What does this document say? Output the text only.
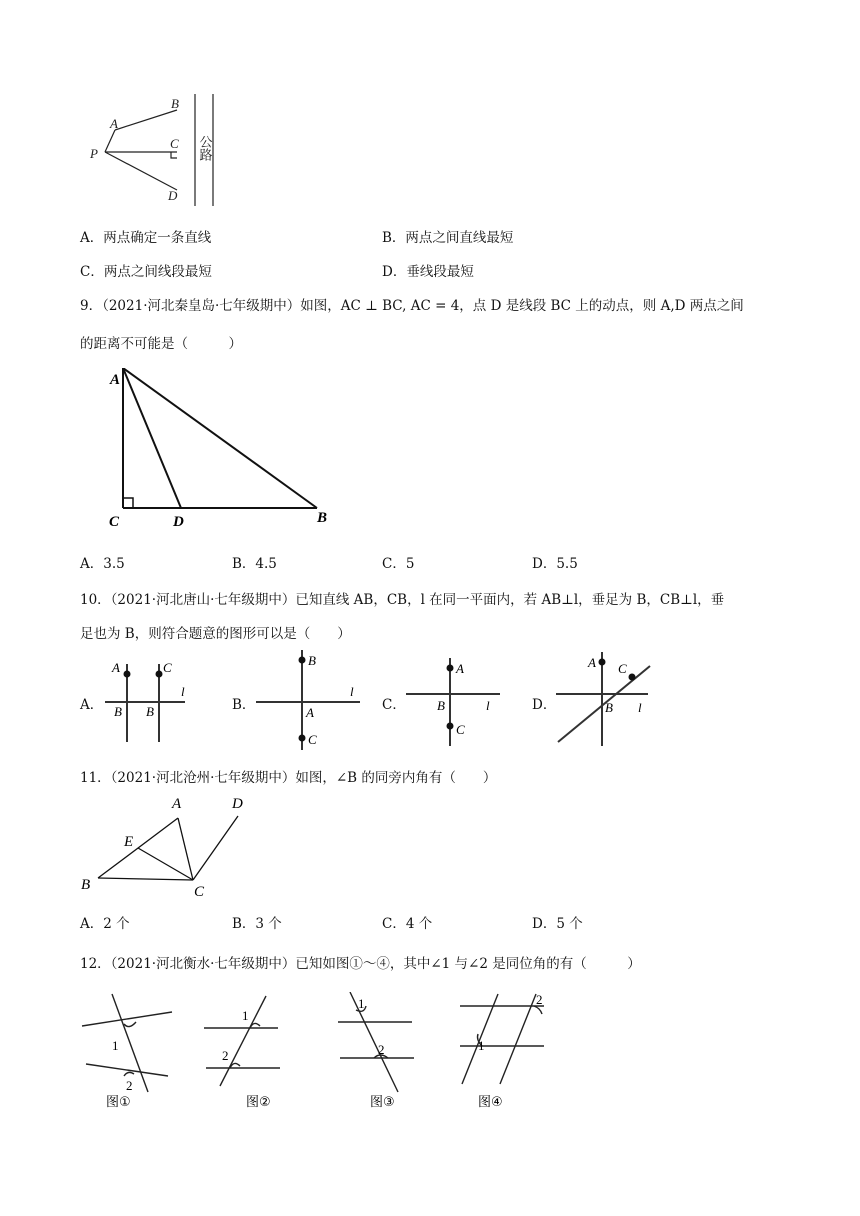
A
B
C
D
P	公路
A．两点确定一条直线	B．两点之间直线最短
C．两点之间线段最短	D．垂线段最短
9．（2021·河北秦皇岛·七年级期中）如图，AC ⊥ BC, AC = 4，点 D 是线段 BC 上的动点，则 A,D 两点之间
的距离不可能是（　　　）
A
C	D	B
A．3.5	B．4.5	C．5	D．5.5
10．（2021·河北唐山·七年级期中）已知直线 AB，CB，l 在同一平面内，若 AB⊥l，垂足为 B，CB⊥l，垂
足也为 B，则符合题意的图形可以是（　　）
A．
A	C
B B
l
B．
B
A
C
l
C．
A
B
C
l	D．
A C
B l
11．（2021·河北沧州·七年级期中）如图，∠B 的同旁内角有（　　）
A	D
E
B	C
A．2 个	B．3 个	C．4 个	D．5 个
12．（2021·河北衡水·七年级期中）已知如图①～④，其中∠1 与∠2 是同位角的有（　　　）
1
2
图①
1
2
图②
1
2
图③
1
2
图④
